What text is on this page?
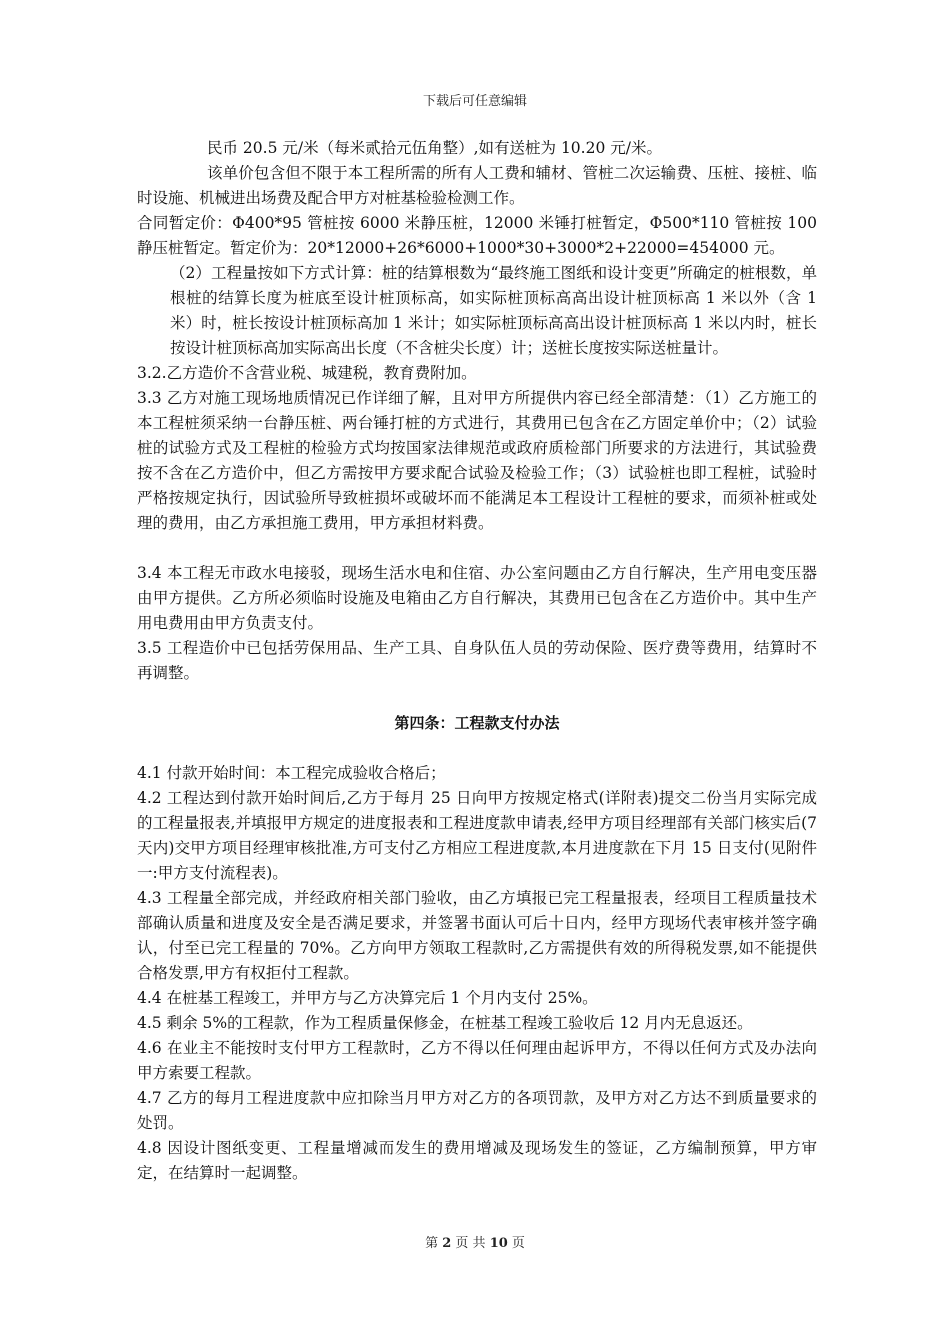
下载后可任意编辑

民币 20.5 元/米（每米贰拾元伍角整）,如有送桩为 10.20 元/米。

该单价包含但不限于本工程所需的所有人工费和辅材、管桩二次运输费、压桩、接桩、临时设施、机械进出场费及配合甲方对桩基检验检测工作。

合同暂定价：Φ400*95 管桩按 6000 米静压桩，12000 米锤打桩暂定，Φ500*110 管桩按 100 静压桩暂定。暂定价为：20*12000+26*6000+1000*30+3000*2+22000=454000 元。

（2）工程量按如下方式计算：桩的结算根数为“最终施工图纸和设计变更”所确定的桩根数，单根桩的结算长度为桩底至设计桩顶标高，如实际桩顶标高高出设计桩顶标高 1 米以外（含 1 米）时，桩长按设计桩顶标高加 1 米计；如实际桩顶标高高出设计桩顶标高 1 米以内时，桩长按设计桩顶标高加实际高出长度（不含桩尖长度）计；送桩长度按实际送桩量计。

3.2.乙方造价不含营业税、城建税，教育费附加。

3.3 乙方对施工现场地质情况已作详细了解，且对甲方所提供内容已经全部清楚：（1）乙方施工的本工程桩须采纳一台静压桩、两台锤打桩的方式进行，其费用已包含在乙方固定单价中；（2）试验桩的试验方式及工程桩的检验方式均按国家法律规范或政府质检部门所要求的方法进行，其试验费按不含在乙方造价中，但乙方需按甲方要求配合试验及检验工作；（3）试验桩也即工程桩，试验时严格按规定执行，因试验所导致桩损坏或破坏而不能满足本工程设计工程桩的要求，而须补桩或处理的费用，由乙方承担施工费用，甲方承担材料费。

3.4 本工程无市政水电接驳，现场生活水电和住宿、办公室问题由乙方自行解决，生产用电变压器由甲方提供。乙方所必须临时设施及电箱由乙方自行解决，其费用已包含在乙方造价中。其中生产用电费用由甲方负责支付。

3.5 工程造价中已包括劳保用品、生产工具、自身队伍人员的劳动保险、医疗费等费用，结算时不再调整。

第四条：工程款支付办法

4.1 付款开始时间：本工程完成验收合格后；

4.2 工程达到付款开始时间后,乙方于每月 25 日向甲方按规定格式(详附表)提交二份当月实际完成的工程量报表,并填报甲方规定的进度报表和工程进度款申请表,经甲方项目经理部有关部门核实后(7 天内)交甲方项目经理审核批准,方可支付乙方相应工程进度款,本月进度款在下月 15 日支付(见附件一:甲方支付流程表)。

4.3 工程量全部完成，并经政府相关部门验收，由乙方填报已完工程量报表，经项目工程质量技术部确认质量和进度及安全是否满足要求，并签署书面认可后十日内，经甲方现场代表审核并签字确认，付至已完工程量的 70%。乙方向甲方领取工程款时,乙方需提供有效的所得税发票,如不能提供合格发票,甲方有权拒付工程款。

4.4 在桩基工程竣工，并甲方与乙方决算完后 1 个月内支付 25%。

4.5 剩余 5%的工程款，作为工程质量保修金，在桩基工程竣工验收后 12 月内无息返还。

4.6 在业主不能按时支付甲方工程款时，乙方不得以任何理由起诉甲方，不得以任何方式及办法向甲方索要工程款。

4.7 乙方的每月工程进度款中应扣除当月甲方对乙方的各项罚款，及甲方对乙方达不到质量要求的处罚。

4.8 因设计图纸变更、工程量增减而发生的费用增减及现场发生的签证，乙方编制预算，甲方审定，在结算时一起调整。

第 2 页 共 10 页
